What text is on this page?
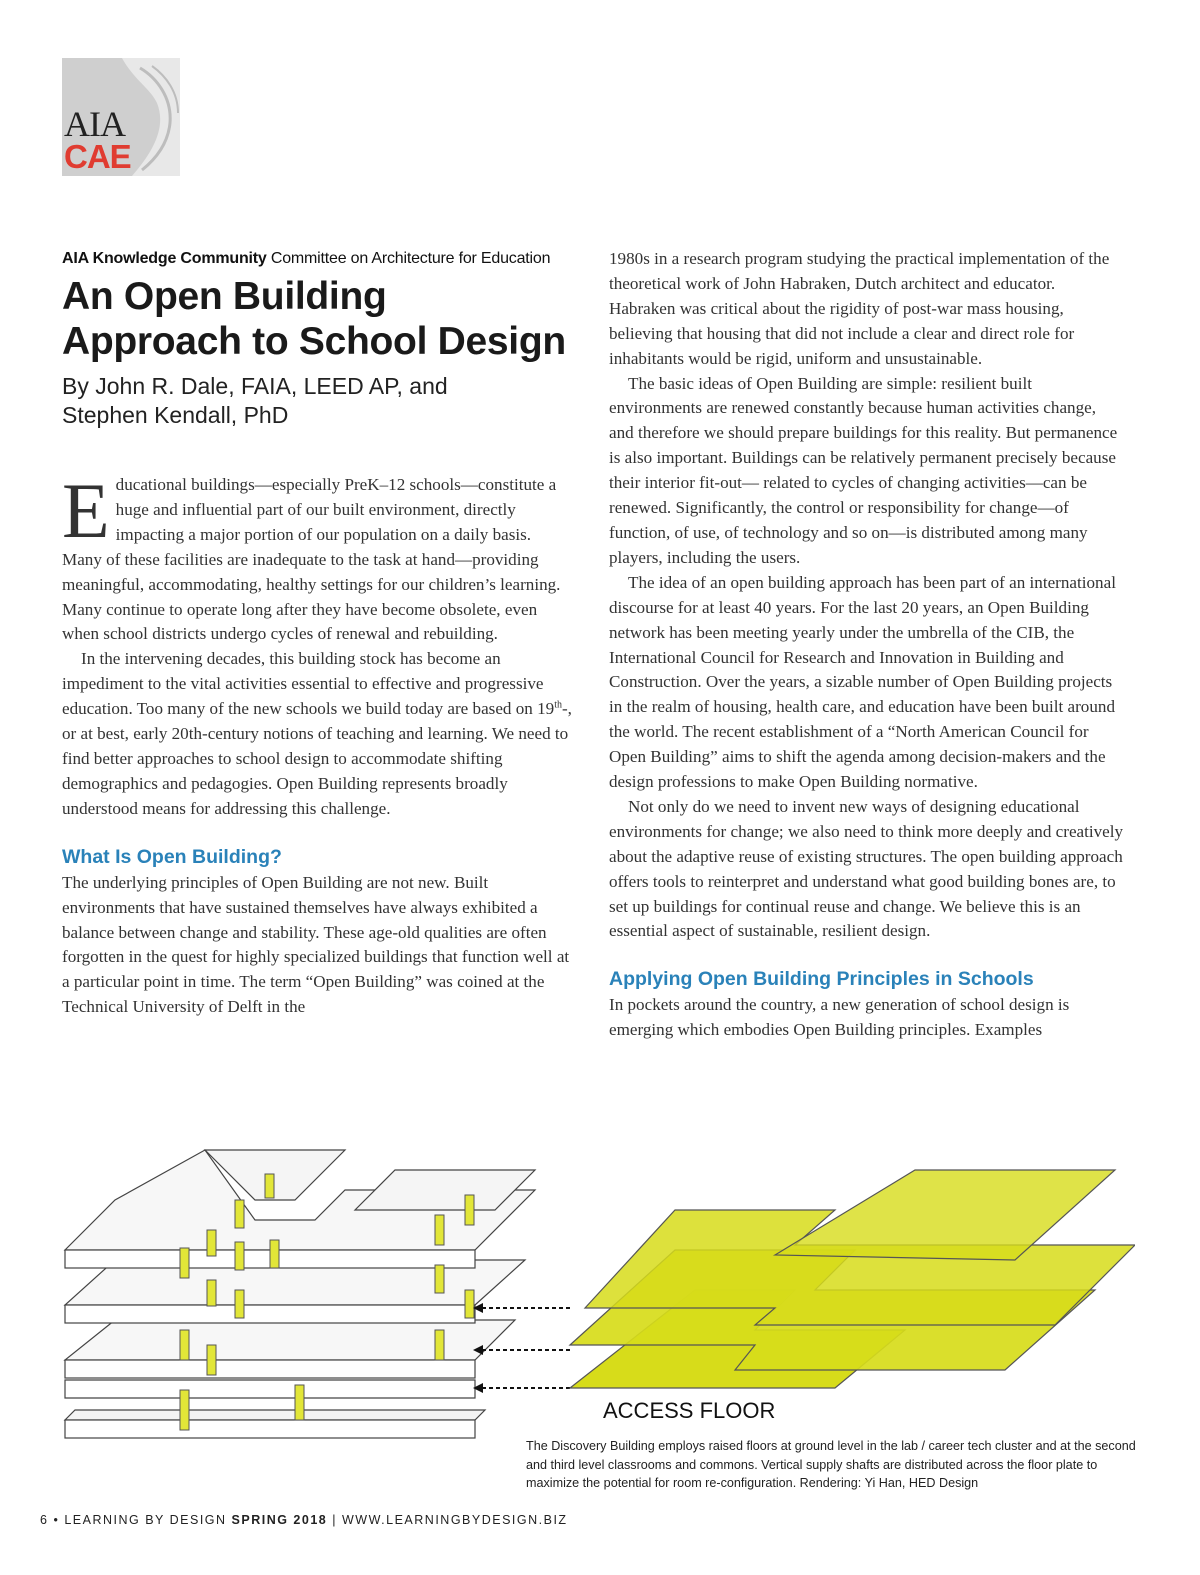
AIA
CAE
AIA Knowledge Community Committee on Architecture for Education
An Open Building Approach to School Design
By John R. Dale, FAIA, LEED AP, and
Stephen Kendall, PhD

Educational buildings—especially PreK–12 schools—constitute a huge and influential part of our built environment, directly impacting a major portion of our population on a daily basis. Many of these facilities are inadequate to the task at hand—providing meaningful, accommodating, healthy settings for our children’s learning. Many continue to operate long after they have become obsolete, even when school districts undergo cycles of renewal and rebuilding.

In the intervening decades, this building stock has become an impediment to the vital activities essential to effective and progressive education. Too many of the new schools we build today are based on 19th-, or at best, early 20th-century notions of teaching and learning. We need to find better approaches to school design to accommodate shifting demographics and pedagogies. Open Building represents broadly understood means for addressing this challenge.

What Is Open Building?

The underlying principles of Open Building are not new. Built environments that have sustained themselves have always exhibited a balance between change and stability. These age-old qualities are often forgotten in the quest for highly specialized buildings that function well at a particular point in time. The term “Open Building” was coined at the Technical University of Delft in the

1980s in a research program studying the practical implementation of the theoretical work of John Habraken, Dutch architect and educator. Habraken was critical about the rigidity of post-war mass housing, believing that housing that did not include a clear and direct role for inhabitants would be rigid, uniform and unsustainable.

The basic ideas of Open Building are simple: resilient built environments are renewed constantly because human activities change, and therefore we should prepare buildings for this reality. But permanence is also important. Buildings can be relatively permanent precisely because their interior fit-out— related to cycles of changing activities—can be renewed. Significantly, the control or responsibility for change—of function, of use, of technology and so on—is distributed among many players, including the users.

The idea of an open building approach has been part of an international discourse for at least 40 years. For the last 20 years, an Open Building network has been meeting yearly under the umbrella of the CIB, the International Council for Research and Innovation in Building and Construction. Over the years, a sizable number of Open Building projects in the realm of housing, health care, and education have been built around the world. The recent establishment of a “North American Council for Open Building” aims to shift the agenda among decision-makers and the design professions to make Open Building normative.

Not only do we need to invent new ways of designing educational environments for change; we also need to think more deeply and creatively about the adaptive reuse of existing structures. The open building approach offers tools to reinterpret and understand what good building bones are, to set up buildings for continual reuse and change. We believe this is an essential aspect of sustainable, resilient design.

Applying Open Building Principles in Schools

In pockets around the country, a new generation of school design is emerging which embodies Open Building principles. Examples

ACCESS FLOOR
The Discovery Building employs raised floors at ground level in the lab / career tech cluster and at the second and third level classrooms and commons. Vertical supply shafts are distributed across the floor plate to maximize the potential for room re-configuration. Rendering: Yi Han, HED Design
6 • LEARNING BY DESIGN SPRING 2018 | WWW.LEARNINGBYDESIGN.BIZ
